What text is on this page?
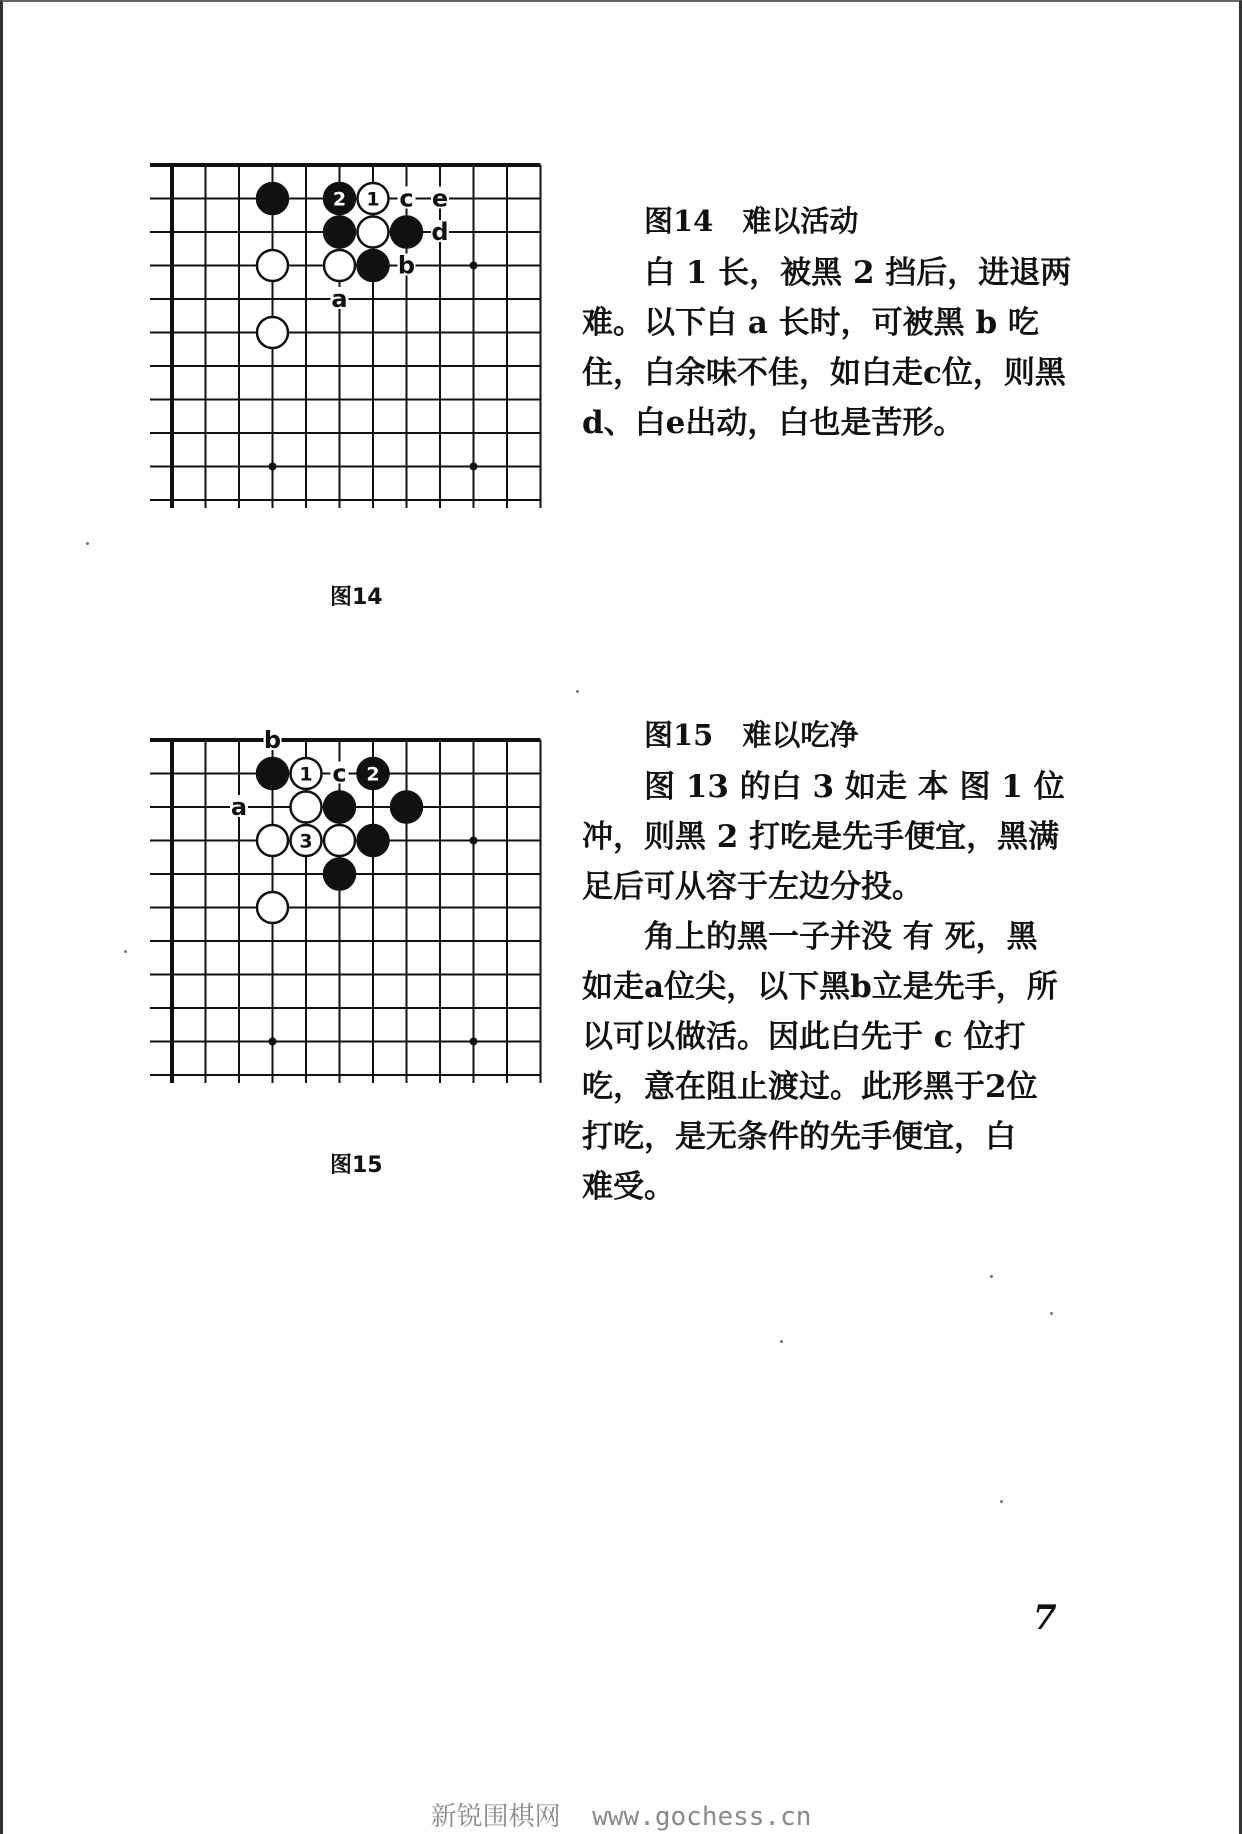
c e
d
b
a
2 1
图14
图14　难以活动

白 1 长，被黑 2 挡后，进退两

难。以下白 a 长时，可被黑 b 吃

住，白余味不佳，如白走c位，则黑

d、白e出动，白也是苦形。

b
c
a
1	2
3
图15
图15　难以吃净

图 13 的白 3 如走 本 图 1 位

冲，则黑 2 打吃是先手便宜，黑满

足后可从容于左边分投。

角上的黑一子并没 有 死，黑

如走a位尖，以下黑b立是先手，所

以可以做活。因此白先于 c 位打

吃，意在阻止渡过。此形黑于2位

打吃，是无条件的先手便宜，白

难受。

7
新锐围棋网 www.gochess.cn
